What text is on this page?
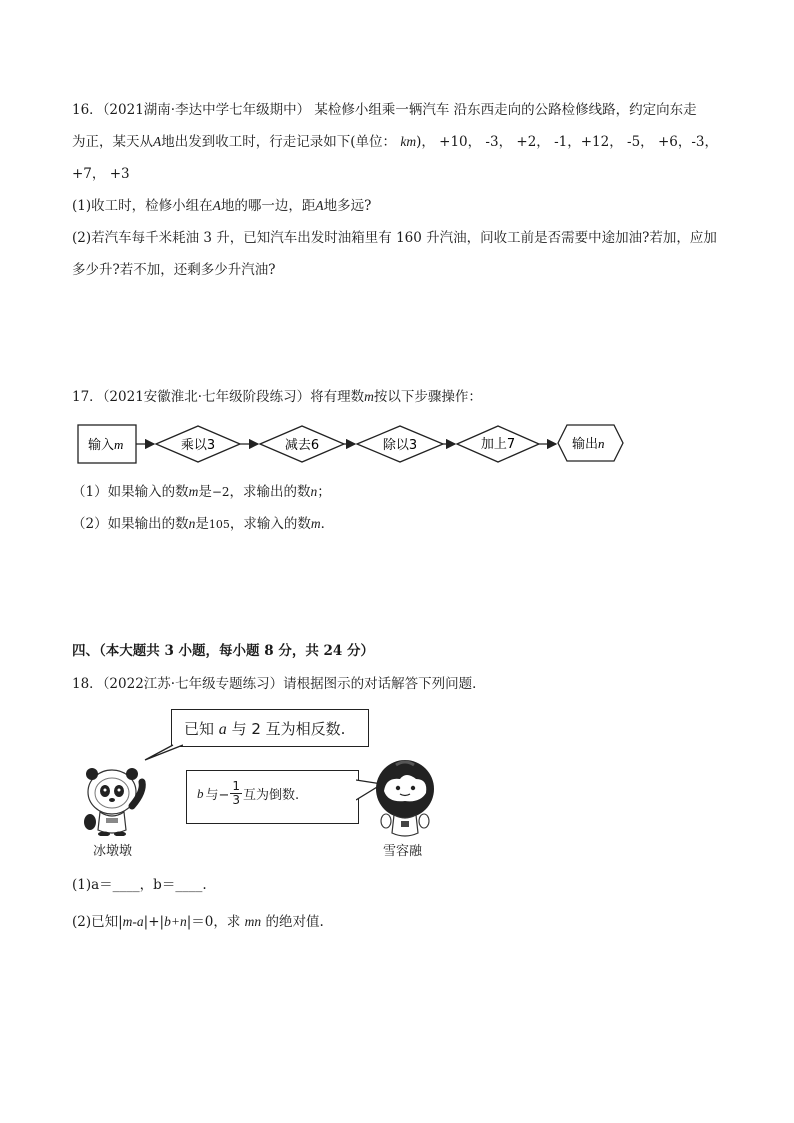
16．（2021湖南·李达中学七年级期中） 某检修小组乘一辆汽车 沿东西走向的公路检修线路，约定向东走
为正，某天从A地出发到收工时，行走记录如下(单位： km)， +10， -3， +2， -1，+12， -5， +6，-3，
+7， +3
(1)收工时，检修小组在A地的哪一边，距A地多远?
(2)若汽车每千米耗油 3 升，已知汽车出发时油箱里有 160 升汽油，问收工前是否需要中途加油?若加，应加
多少升?若不加，还剩多少升汽油?
17．（2021安徽淮北·七年级阶段练习）将有理数m按以下步骤操作：
输入m	乘以3	减去6	除以3	加上7	输出n
（1）如果输入的数m是−2，求输出的数n；
（2）如果输出的数n是105，求输入的数m．
四、（本大题共 3 小题，每小题 8 分，共 24 分）
18．（2022江苏·七年级专题练习）请根据图示的对话解答下列问题．
已知 a 与 2 互为相反数.
b 与− $\frac{1}{3}$ 互为倒数.
冰墩墩	雪容融
(1)a＝____，b＝____.
(2)已知|m-a|+|b+n|＝0，求 mn 的绝对值.
